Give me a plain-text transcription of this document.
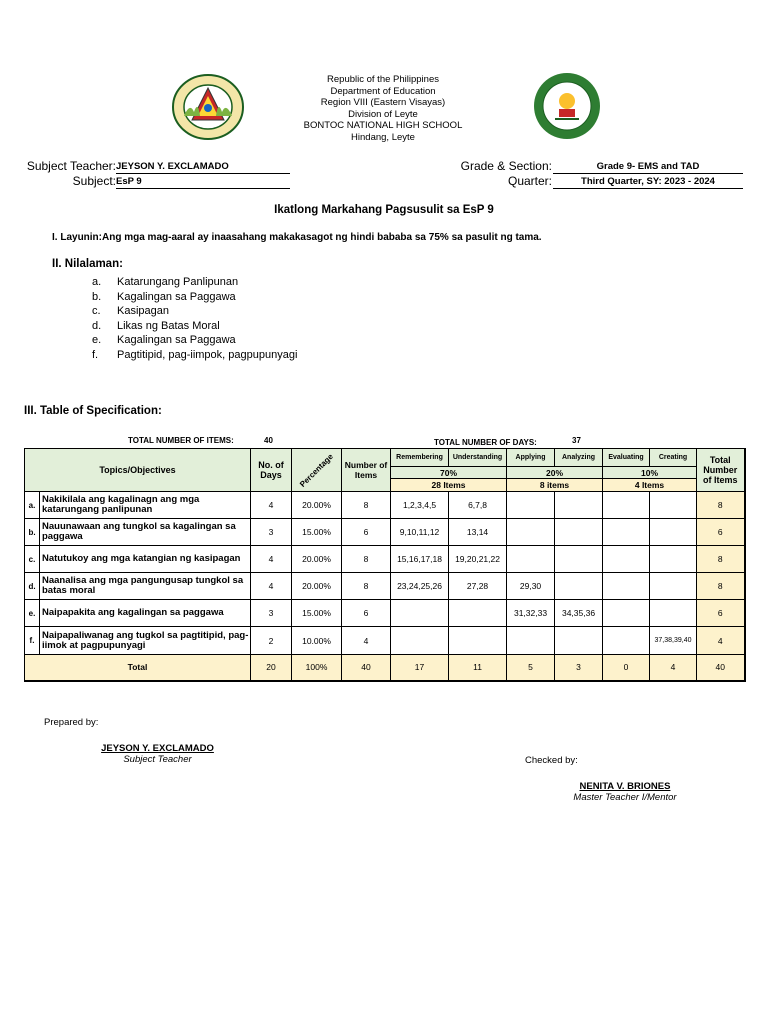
Republic of the Philippines
Department of Education
Region VIII (Eastern Visayas)
Division of Leyte
BONTOC NATIONAL HIGH SCHOOL
Hindang, Leyte
Subject Teacher: JEYSON Y. EXCLAMADO
Subject: EsP 9
Grade & Section:	Grade 9- EMS and TAD
Quarter:	Third Quarter, SY: 2023 - 2024
Ikatlong Markahang Pagsusulit sa EsP 9
I. Layunin:Ang mga mag-aaral ay inaasahang makakasagot ng hindi bababa sa 75% sa pasulit ng tama.
II. Nilalaman:
a.	Katarungang Panlipunan
b.	Kagalingan sa Paggawa
c.	Kasipagan
d.	Likas ng Batas Moral
e.	Kagalingan sa Paggawa
f.	Pagtitipid, pag-iimpok, pagpupunyagi
III. Table of Specification:
TOTAL NUMBER OF ITEMS:	40	TOTAL NUMBER OF DAYS:	37
Topics/Objectives		No. of Days	Percentage	Number of Items	Remembering	Understanding	Applying	Analyzing	Evaluating	Creating	Total Number of Items
					70%		20%		10%		
					28 Items		8 items		4 Items		
a.	Nakikilala ang kagalinagn ang mga katarungang panlipunan	4	20.00%	8	1,2,3,4,5	6,7,8					8
b.	Nauunawaan ang tungkol sa kagalingan sa paggawa	3	15.00%	6	9,10,11,12	13,14					6
c.	Natutukoy ang mga katangian ng kasipagan	4	20.00%	8	15,16,17,18	19,20,21,22					8
d.	Naanalisa ang mga pangungusap tungkol sa batas moral	4	20.00%	8	23,24,25,26	27,28	29,30				8
e.	Naipapakita ang kagalingan sa paggawa	3	15.00%	6			31,32,33	34,35,36			6
f.	Naipapaliwanag ang tugkol sa pagtitipid, pag-iimok at pagpupunyagi	2	10.00%	4						37,38,39,40	4
Total		20	100%	40	17	11	5	3	0	4	40
Prepared by:
JEYSON Y. EXCLAMADO
Subject Teacher	Checked by:
NENITA V. BRIONES
Master Teacher I/Mentor
